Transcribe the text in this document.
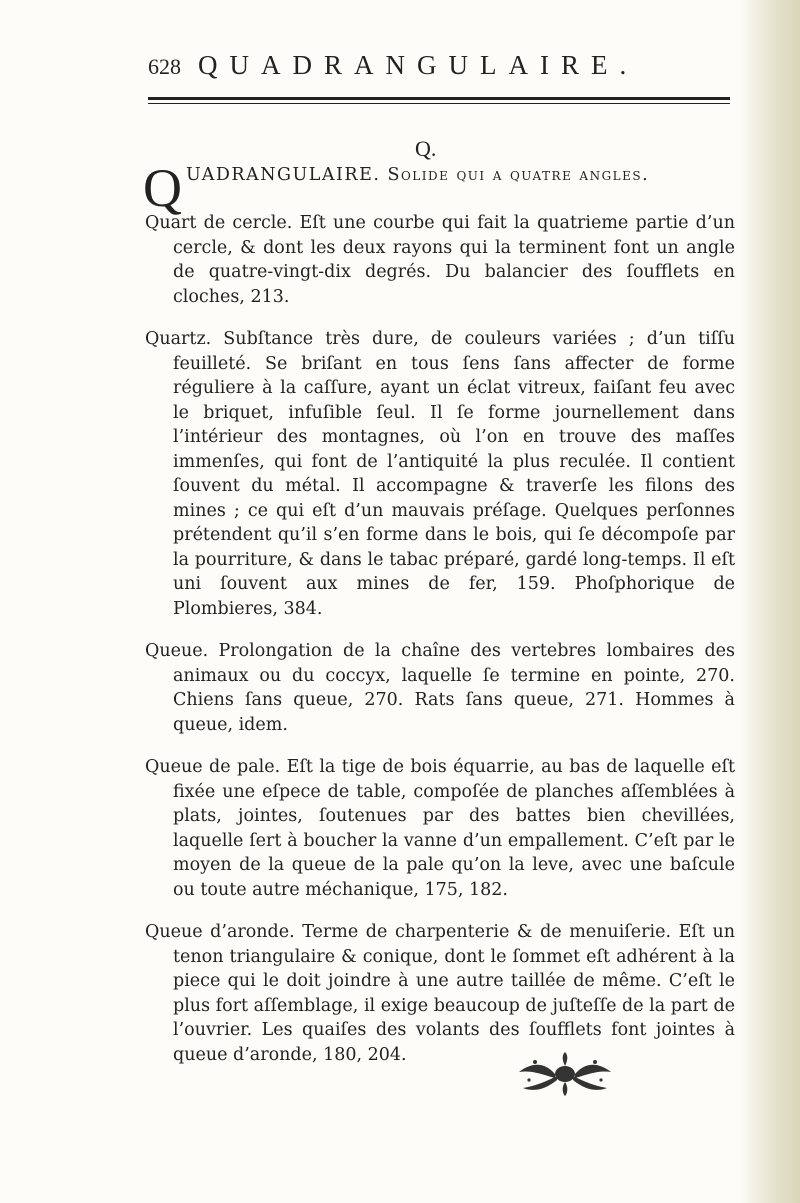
628 QUADRANGULAIRE.
Q.

QUADRANGULAIRE. Solide qui a quatre angles.

Quart de cercle. Eſt une courbe qui fait la quatrieme partie d’un cercle, & dont les deux rayons qui la terminent font un angle de quatre-vingt-dix degrés. Du balancier des ſoufflets en cloches, 213.

Quartz. Subſtance très dure, de couleurs variées ; d’un tiſſu feuilleté. Se briſant en tous ſens ſans affecter de forme réguliere à la caſſure, ayant un éclat vitreux, faiſant feu avec le briquet, infuſible ſeul. Il ſe forme journellement dans l’intérieur des montagnes, où l’on en trouve des maſſes immenſes, qui font de l’antiquité la plus reculée. Il contient ſouvent du métal. Il accompagne & traverſe les filons des mines ; ce qui eſt d’un mauvais préſage. Quelques perſonnes prétendent qu’il s’en forme dans le bois, qui ſe décompoſe par la pourriture, & dans le tabac préparé, gardé long-temps. Il eſt uni ſouvent aux mines de fer, 159. Phoſphorique de Plombieres, 384.

Queue. Prolongation de la chaîne des vertebres lombaires des animaux ou du coccyx, laquelle ſe termine en pointe, 270. Chiens ſans queue, 270. Rats ſans queue, 271. Hommes à queue, idem.

Queue de pale. Eſt la tige de bois équarrie, au bas de laquelle eſt fixée une eſpece de table, compoſée de planches aſſemblées à plats, jointes, ſoutenues par des battes bien chevillées, laquelle ſert à boucher la vanne d’un empallement. C’eſt par le moyen de la queue de la pale qu’on la leve, avec une baſcule ou toute autre méchanique, 175, 182.

Queue d’aronde. Terme de charpenterie & de menuiſerie. Eſt un tenon triangulaire & conique, dont le ſommet eſt adhérent à la piece qui le doit joindre à une autre taillée de même. C’eſt le plus fort aſſemblage, il exige beaucoup de juſteſſe de la part de l’ouvrier. Les quaiſes des volants des ſoufflets font jointes à queue d’aronde, 180, 204.
